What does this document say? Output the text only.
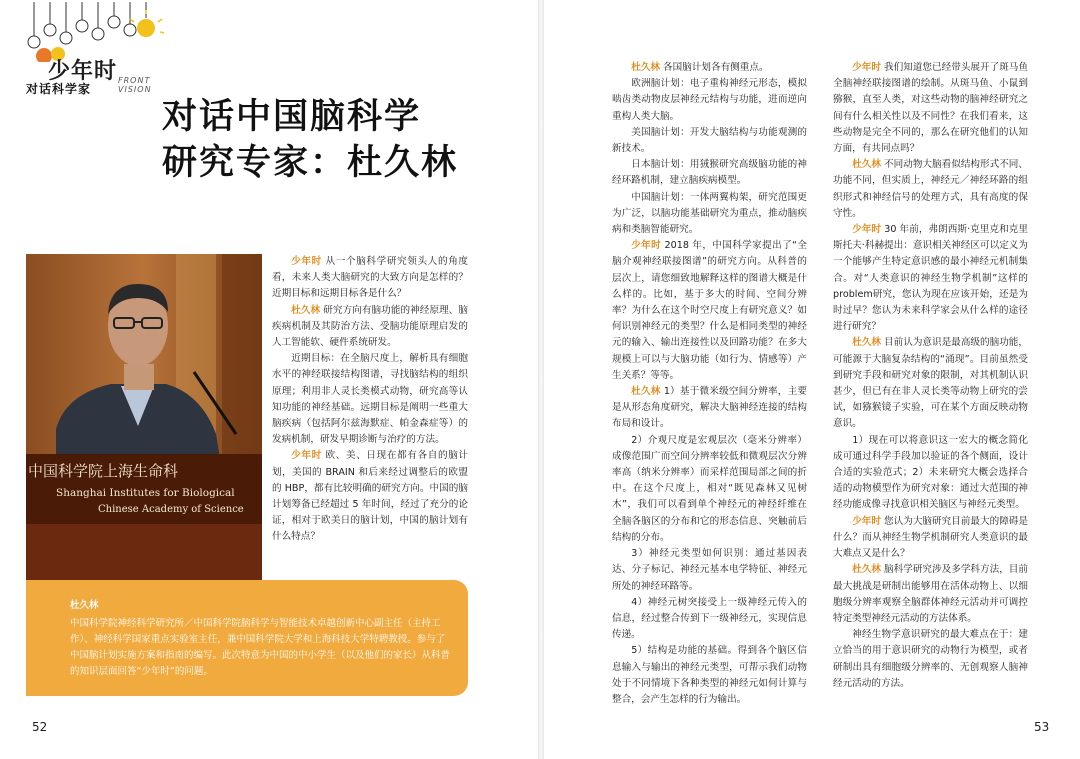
少年时 FRONT VISION
对话科学家
对话中国脑科学
研究专家：杜久林
中国科学院上海生命科
Shanghai Institutes for Biological
Chinese Academy of Science
杜久林
中国科学院神经科学研究所／中国科学院脑科学与智能技术卓越创新中心副主任（主持工作）、神经科学国家重点实验室主任，兼中国科学院大学和上海科技大学特聘教授。参与了中国脑计划实施方案和指南的编写。此次特意为中国的中小学生（以及他们的家长）从科普的知识层面回答“少年时”的问题。

少年时 从一个脑科学研究领头人的角度看，未来人类大脑研究的大致方向是怎样的？近期目标和远期目标各是什么？

杜久林 研究方向有脑功能的神经原理、脑疾病机制及其防治方法、受脑功能原理启发的人工智能软、硬件系统研发。

近期目标：在全脑尺度上，解析具有细胞水平的神经联接结构图谱，寻找脑结构的组织原理；利用非人灵长类模式动物，研究高等认知功能的神经基础。远期目标是阐明一些重大脑疾病（包括阿尔兹海默症、帕金森症等）的发病机制，研发早期诊断与治疗的方法。

少年时 欧、美、日现在都有各自的脑计划，美国的 BRAIN 和后来经过调整后的欧盟的 HBP，都有比较明确的研究方向。中国的脑计划筹备已经超过 5 年时间，经过了充分的论证，相对于欧美日的脑计划，中国的脑计划有什么特点？

杜久林 各国脑计划各有侧重点。

欧洲脑计划：电子重构神经元形态，模拟啮齿类动物皮层神经元结构与功能，进而逆向重构人类大脑。

美国脑计划：开发大脑结构与功能观测的新技术。

日本脑计划：用狨猴研究高级脑功能的神经环路机制，建立脑疾病模型。

中国脑计划：一体两翼构架，研究范围更为广泛，以脑功能基础研究为重点，推动脑疾病和类脑智能研究。

少年时 2018 年，中国科学家提出了“全脑介观神经联接图谱”的研究方向。从科普的层次上，请您细致地解释这样的图谱大概是什么样的。比如，基于多大的时间、空间分辨率？为什么在这个时空尺度上有研究意义？如何识别神经元的类型？什么是相同类型的神经元的输入、输出连接性以及回路功能？在多大规模上可以与大脑功能（如行为、情感等）产生关系？等等。

杜久林 1）基于微米级空间分辨率，主要是从形态角度研究，解决大脑神经连接的结构布局和设计。

2）介观尺度是宏观层次（毫米分辨率）成像范围广而空间分辨率较低和微观层次分辨率高（纳米分辨率）而采样范围局部之间的折中。在这个尺度上，相对“既见森林又见树木”，我们可以看到单个神经元的神经纤维在全脑各脑区的分布和它的形态信息、突触前后结构的分布。

3）神经元类型如何识别：通过基因表达、分子标记、神经元基本电学特征、神经元所处的神经环路等。

4）神经元树突接受上一级神经元传入的信息，经过整合传到下一级神经元，实现信息传递。

5）结构是功能的基础。得到各个脑区信息输入与输出的神经元类型，可帮示我们动物处于不同情境下各种类型的神经元如何计算与整合，会产生怎样的行为输出。

少年时 我们知道您已经带头展开了斑马鱼全脑神经联接图谱的绘制。从斑马鱼、小鼠到猕猴，直至人类，对这些动物的脑神经研究之间有什么相关性以及不同性？在我们看来，这些动物是完全不同的，那么在研究他们的认知方面，有共同点吗？

杜久林 不同动物大脑看似结构形式不同、功能不同，但实质上，神经元／神经环路的组织形式和神经信号的处理方式，具有高度的保守性。

少年时 30 年前，弗朗西斯·克里克和克里斯托夫·科赫提出：意识相关神经区可以定义为一个能够产生特定意识感的最小神经元机制集合。对“人类意识的神经生物学机制”这样的problem研究，您认为现在应该开始，还是为时过早？您认为未来科学家会从什么样的途径进行研究？

杜久林 目前认为意识是最高级的脑功能，可能源于大脑复杂结构的“涌现”。目前虽然受到研究手段和研究对象的限制，对其机制认识甚少，但已有在非人灵长类等动物上研究的尝试，如猕猴镜子实验，可在某个方面反映动物意识。

1）现在可以将意识这一宏大的概念简化成可通过科学手段加以验证的各个侧面，设计合适的实验范式；2）未来研究大概会选择合适的动物模型作为研究对象：通过大范围的神经功能成像寻找意识相关脑区与神经元类型。

少年时 您认为大脑研究目前最大的障碍是什么？而从神经生物学机制研究人类意识的最大难点又是什么？

杜久林 脑科学研究涉及多学科方法，目前最大挑战是研制出能够用在活体动物上、以细胞级分辨率观察全脑群体神经元活动并可调控特定类型神经元活动的方法体系。

神经生物学意识研究的最大难点在于：建立恰当的用于意识研究的动物行为模型，或者研制出具有细胞级分辨率的、无创观察人脑神经元活动的方法。

52	53
